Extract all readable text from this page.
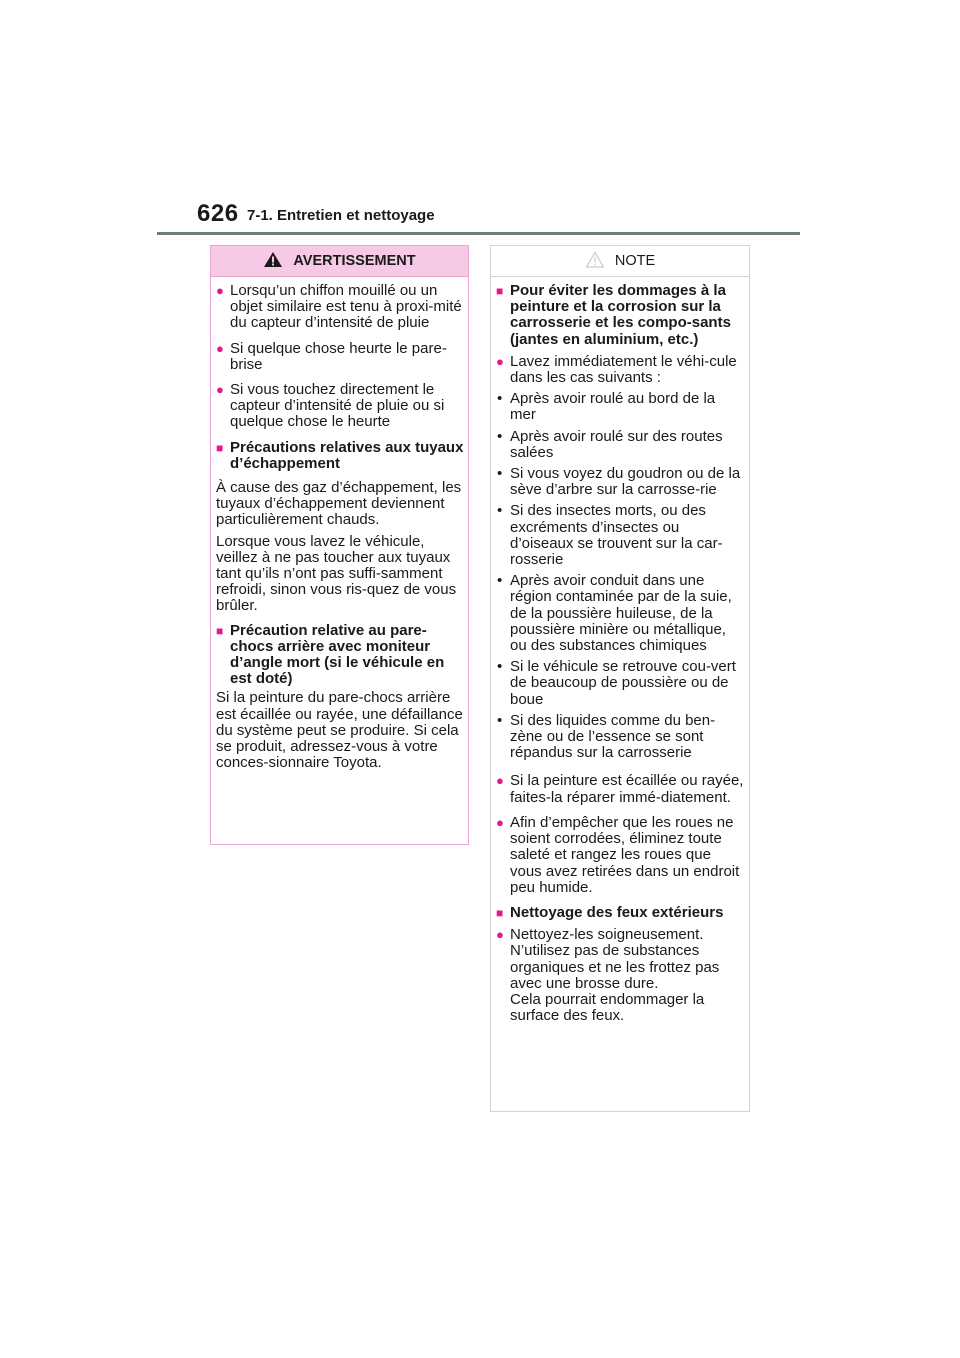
626 7-1. Entretien et nettoyage
AVERTISSEMENT
● Lorsqu’un chiffon mouillé ou un objet similaire est tenu à proxi-mité du capteur d’intensité de pluie

● Si quelque chose heurte le pare-brise

● Si vous touchez directement le capteur d’intensité de pluie ou si quelque chose le heurte

■ Précautions relatives aux tuyaux d’échappement

À cause des gaz d’échappement, les tuyaux d’échappement deviennent particulièrement chauds.

Lorsque vous lavez le véhicule, veillez à ne pas toucher aux tuyaux tant qu’ils n’ont pas suffi-samment refroidi, sinon vous ris-quez de vous brûler.

■ Précaution relative au pare-chocs arrière avec moniteur d’angle mort (si le véhicule en est doté)

Si la peinture du pare-chocs arrière est écaillée ou rayée, une défaillance du système peut se produire. Si cela se produit, adressez-vous à votre conces-sionnaire Toyota.

NOTE
■ Pour éviter les dommages à la peinture et la corrosion sur la carrosserie et les compo-sants (jantes en aluminium, etc.)

● Lavez immédiatement le véhi-cule dans les cas suivants :

• Après avoir roulé au bord de la mer

• Après avoir roulé sur des routes salées

• Si vous voyez du goudron ou de la sève d’arbre sur la carrosse-rie

• Si des insectes morts, ou des excréments d’insectes ou d’oiseaux se trouvent sur la car-rosserie

• Après avoir conduit dans une région contaminée par de la suie, de la poussière huileuse, de la poussière minière ou métallique, ou des substances chimiques

• Si le véhicule se retrouve cou-vert de beaucoup de poussière ou de boue

• Si des liquides comme du ben-zène ou de l’essence se sont répandus sur la carrosserie

● Si la peinture est écaillée ou rayée, faites-la réparer immé-diatement.

● Afin d’empêcher que les roues ne soient corrodées, éliminez toute saleté et rangez les roues que vous avez retirées dans un endroit peu humide.

■ Nettoyage des feux extérieurs

● Nettoyez-les soigneusement.

N’utilisez pas de substances organiques et ne les frottez pas avec une brosse dure.

Cela pourrait endommager la surface des feux.
